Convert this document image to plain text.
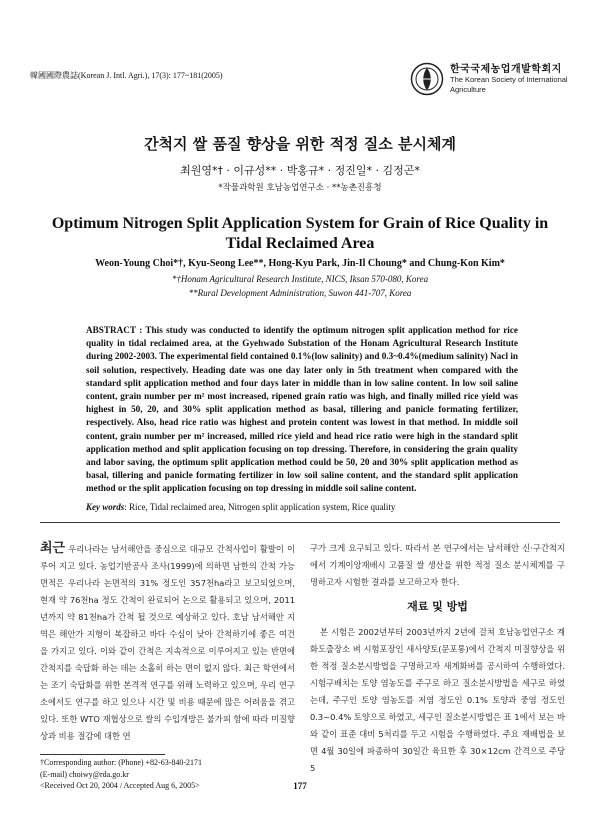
韓國國際農誌(Korean J. Intl. Agri.), 17(3): 177~181(2005)
한국국제농업개발학회지
The Korean Society of International
Agriculture
간척지 쌀 품질 향상을 위한 적정 질소 분시체계
최원영*† · 이규성** · 박홍규* · 정진일* · 김정곤*
*작물과학원 호남농업연구소 · **농촌진흥청
Optimum Nitrogen Split Application System for Grain of Rice Quality in
Tidal Reclaimed Area
Weon-Young Choi*†, Kyu-Seong Lee**, Hong-Kyu Park, Jin-Il Choung* and Chung-Kon Kim*
*†Honam Agricultural Research Institute, NICS, Iksan 570-080, Korea
**Rural Development Administration, Suwon 441-707, Korea
ABSTRACT : This study was conducted to identify the optimum nitrogen split application method for rice quality in tidal reclaimed area, at the Gyehwado Substation of the Honam Agricultural Research Institute during 2002-2003. The experimental field contained 0.1%(low salinity) and 0.3~0.4%(medium salinity) Nacl in soil solution, respectively. Heading date was one day later only in 5th treatment when compared with the standard split application method and four days later in middle than in low saline content. In low soil saline content, grain number per m² most increased, ripened grain ratio was high, and finally milled rice yield was highest in 50, 20, and 30% split application method as basal, tillering and panicle formating fertilizer, respectively. Also, head rice ratio was highest and protein content was lowest in that method. In middle soil content, grain number per m² increased, milled rice yield and head rice ratio were high in the standard split application method and split application focusing on top dressing. Therefore, in considering the grain quality and labor saving, the optimum split application method could be 50, 20 and 30% split application method as basal, tillering and panicle formating fertilizer in low soil saline content, and the standard split application method or the split application focusing on top dressing in middle soil saline content.
Key words: Rice, Tidal reclaimed area, Nitrogen split application system, Rice quality
최근 우리나라는 남서해안을 중심으로 대규모 간척사업이 활발이 이루어 지고 있다. 농업기반공사 조사(1999)에 의하면 남한의 간척 가능 면적은 우리나라 논면적의 31% 정도인 357천ha라고 보고되었으며, 현재 약 76천ha 정도 간척이 완료되어 논으로 활용되고 있으며, 2011년까지 약 81천ha가 간척 될 것으로 예상하고 있다. 호남 남서해안 지역은 해안가 지형이 복잡하고 바다 수심이 낮아 간척하기에 좋은 여건을 가지고 있다. 이와 같이 간척은 지속적으로 이루어지고 있는 반면에 간척지를 숙답화 하는 데는 소홀히 하는 면이 없지 않다. 최근 학연에서는 조기 숙답화를 위한 본격적 연구를 위해 노력하고 있으며, 우리 연구소에서도 연구를 하고 있으나 시간 및 비용 때문에 많은 어려움을 겪고 있다. 또한 WTO 재협상으로 쌀의 수입개방은 불가피 함에 따라 미질향상과 비용 절감에 대한 연
구가 크게 요구되고 있다. 따라서 본 연구에서는 남서해안 신·구간척지에서 기계이앙재배시 고품질 쌀 생산을 위한 적정 질소 분시체계를 구명하고자 시험한 결과를 보고하고자 한다.
재료 및 방법
본 시험은 2002년부터 2003년까지 2년에 걸쳐 호남농업연구소 계화도출장소 벼 시험포장인 새사양토(문포통)에서 간척지 미질향상을 위한 적정 질소분시방법을 구명하고자 새계화벼를 공시하여 수행하였다. 시험구배치는 토양 염농도를 주구로 하고 질소분시방법을 세구로 하였는데, 주구인 토양 염농도를 저염 정도인 0.1% 토양과 중염 정도인 0.3~0.4% 토양으로 하였고, 세구인 질소분시방법은 표 1에서 보는 바와 같이 표준 대비 5처리를 두고 시험을 수행하였다. 주요 재배법을 보면 4월 30일에 파종하여 30일간 육묘한 후 30×12cm 간격으로 주당 5
†Corresponding author: (Phone) +82-63-840-2171
(E-mail) choiwy@rda.go.kr
<Received Oct 20, 2004 / Accepted Aug 6, 2005>	177
